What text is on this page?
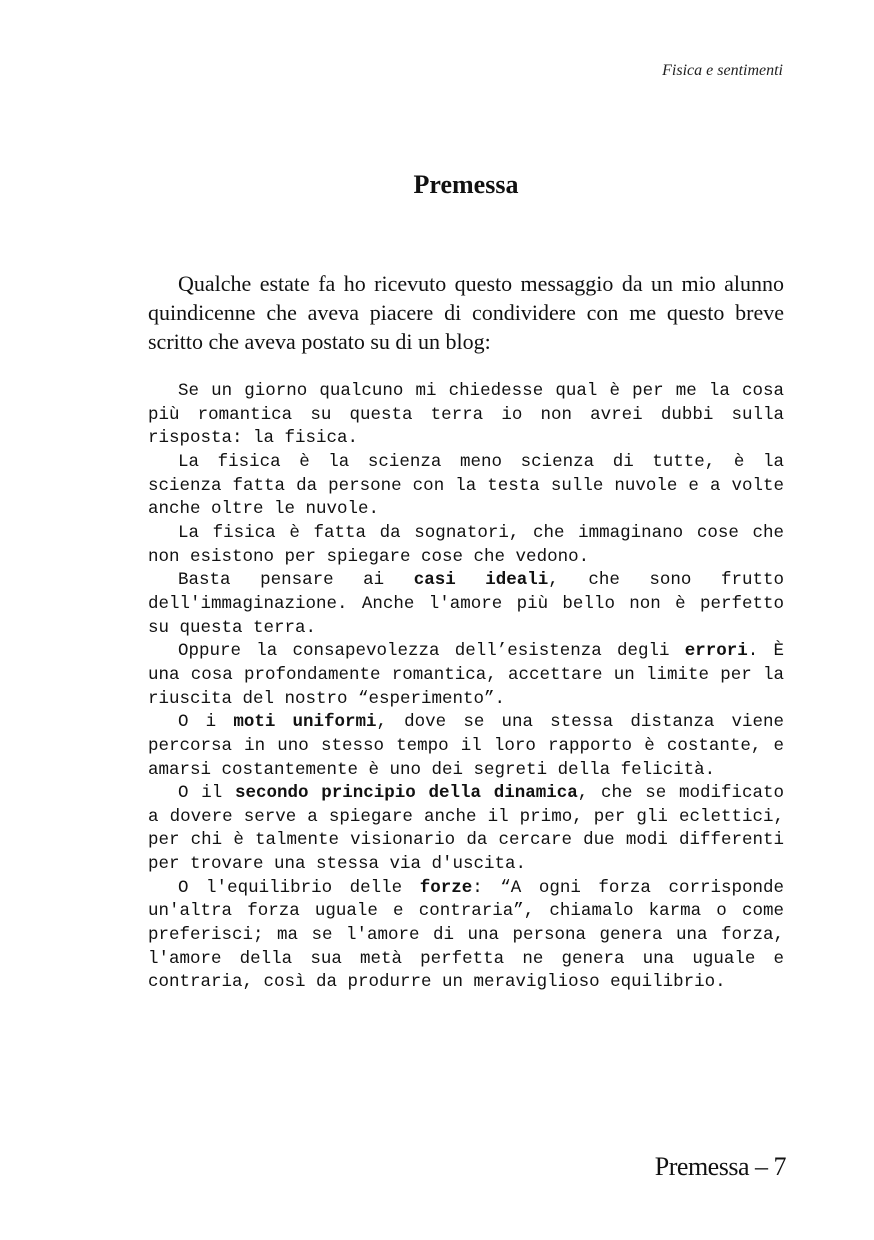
Fisica e sentimenti
Premessa

Qualche estate fa ho ricevuto questo messaggio da un mio alunno quindicenne che aveva piacere di condividere con me questo breve scritto che aveva postato su di un blog:

Se un giorno qualcuno mi chiedesse qual è per me la cosa più romantica su questa terra io non avrei dubbi sulla risposta: la fisica.

La fisica è la scienza meno scienza di tutte, è la scienza fatta da persone con la testa sulle nuvole e a volte anche oltre le nuvole.

La fisica è fatta da sognatori, che immaginano cose che non esistono per spiegare cose che vedono.

Basta pensare ai casi ideali, che sono frutto dell'immaginazione. Anche l'amore più bello non è perfetto su questa terra.

Oppure la consapevolezza dell’esistenza degli errori. È una cosa profondamente romantica, accettare un limite per la riuscita del nostro “esperimento”.

O i moti uniformi, dove se una stessa distanza viene percorsa in uno stesso tempo il loro rapporto è costante, e amarsi costantemente è uno dei segreti della felicità.

O il secondo principio della dinamica, che se modificato a dovere serve a spiegare anche il primo, per gli eclettici, per chi è talmente visionario da cercare due modi differenti per trovare una stessa via d'uscita.

O l'equilibrio delle forze: “A ogni forza corrisponde un'altra forza uguale e contraria”, chiamalo karma o come preferisci; ma se l'amore di una persona genera una forza, l'amore della sua metà perfetta ne genera una uguale e contraria, così da produrre un meraviglioso equilibrio.

Premessa – 7
